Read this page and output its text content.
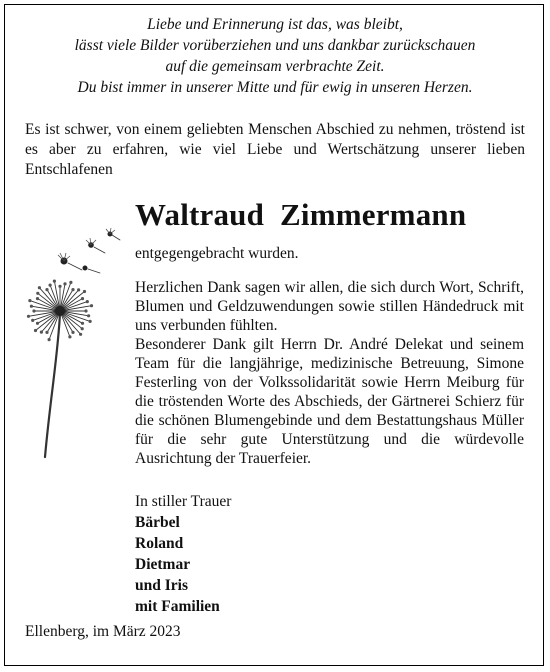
Liebe und Erinnerung ist das, was bleibt,
lässt viele Bilder vorüberziehen und uns dankbar zurückschauen
auf die gemeinsam verbrachte Zeit.
Du bist immer in unserer Mitte und für ewig in unseren Herzen.
Es ist schwer, von einem geliebten Menschen Abschied zu nehmen, tröstend ist es aber zu erfahren, wie viel Liebe und Wertschätzung unserer lieben Entschlafenen
Waltraud Zimmermann
entgegengebracht wurden.

Herzlichen Dank sagen wir allen, die sich durch Wort, Schrift, Blumen und Geldzuwendungen sowie stillen Händedruck mit uns verbunden fühlten.

Besonderer Dank gilt Herrn Dr. André Delekat und seinem Team für die langjährige, medizinische Betreuung, Simone Festerling von der Volkssolidarität sowie Herrn Meiburg für die tröstenden Worte des Abschieds, der Gärtnerei Schierz für die schönen Blumengebinde und dem Bestattungshaus Müller für die sehr gute Unterstützung und die würdevolle Ausrichtung der Trauerfeier.

In stiller Trauer
Bärbel
Roland
Dietmar
und Iris
mit Familien
Ellenberg, im März 2023
